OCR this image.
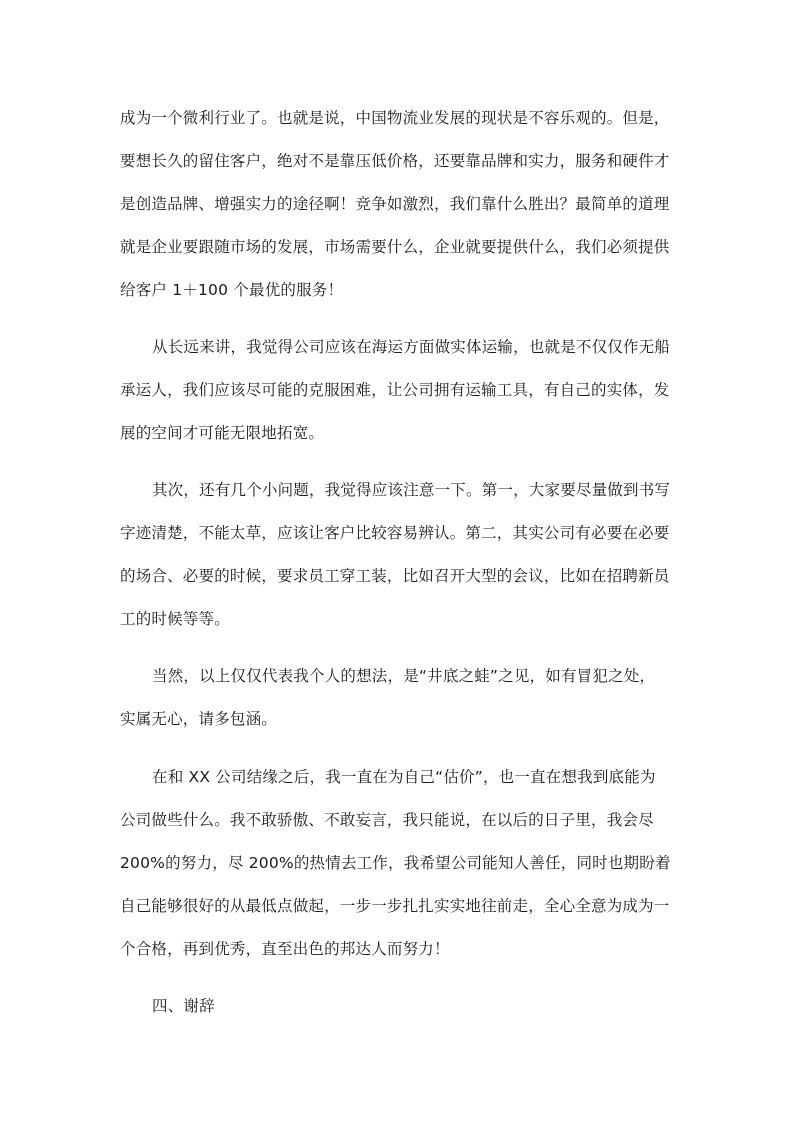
成为一个微利行业了。也就是说，中国物流业发展的现状是不容乐观的。但是，
要想长久的留住客户，绝对不是靠压低价格，还要靠品牌和实力，服务和硬件才
是创造品牌、增强实力的途径啊！竞争如激烈，我们靠什么胜出？最简单的道理
就是企业要跟随市场的发展，市场需要什么，企业就要提供什么，我们必须提供
给客户 1＋100 个最优的服务！

从长远来讲，我觉得公司应该在海运方面做实体运输，也就是不仅仅作无船
承运人，我们应该尽可能的克服困难，让公司拥有运输工具，有自己的实体，发
展的空间才可能无限地拓宽。

其次，还有几个小问题，我觉得应该注意一下。第一，大家要尽量做到书写
字迹清楚，不能太草，应该让客户比较容易辨认。第二，其实公司有必要在必要
的场合、必要的时候，要求员工穿工装，比如召开大型的会议，比如在招聘新员
工的时候等等。

当然，以上仅仅代表我个人的想法，是“井底之蛙”之见，如有冒犯之处，
实属无心，请多包涵。

在和 XX 公司结缘之后，我一直在为自己“估价”，也一直在想我到底能为
公司做些什么。我不敢骄傲、不敢妄言，我只能说，在以后的日子里，我会尽
200%的努力，尽 200%的热情去工作，我希望公司能知人善任，同时也期盼着
自己能够很好的从最低点做起，一步一步扎扎实实地往前走，全心全意为成为一
个合格，再到优秀，直至出色的邦达人而努力！

四、谢辞
